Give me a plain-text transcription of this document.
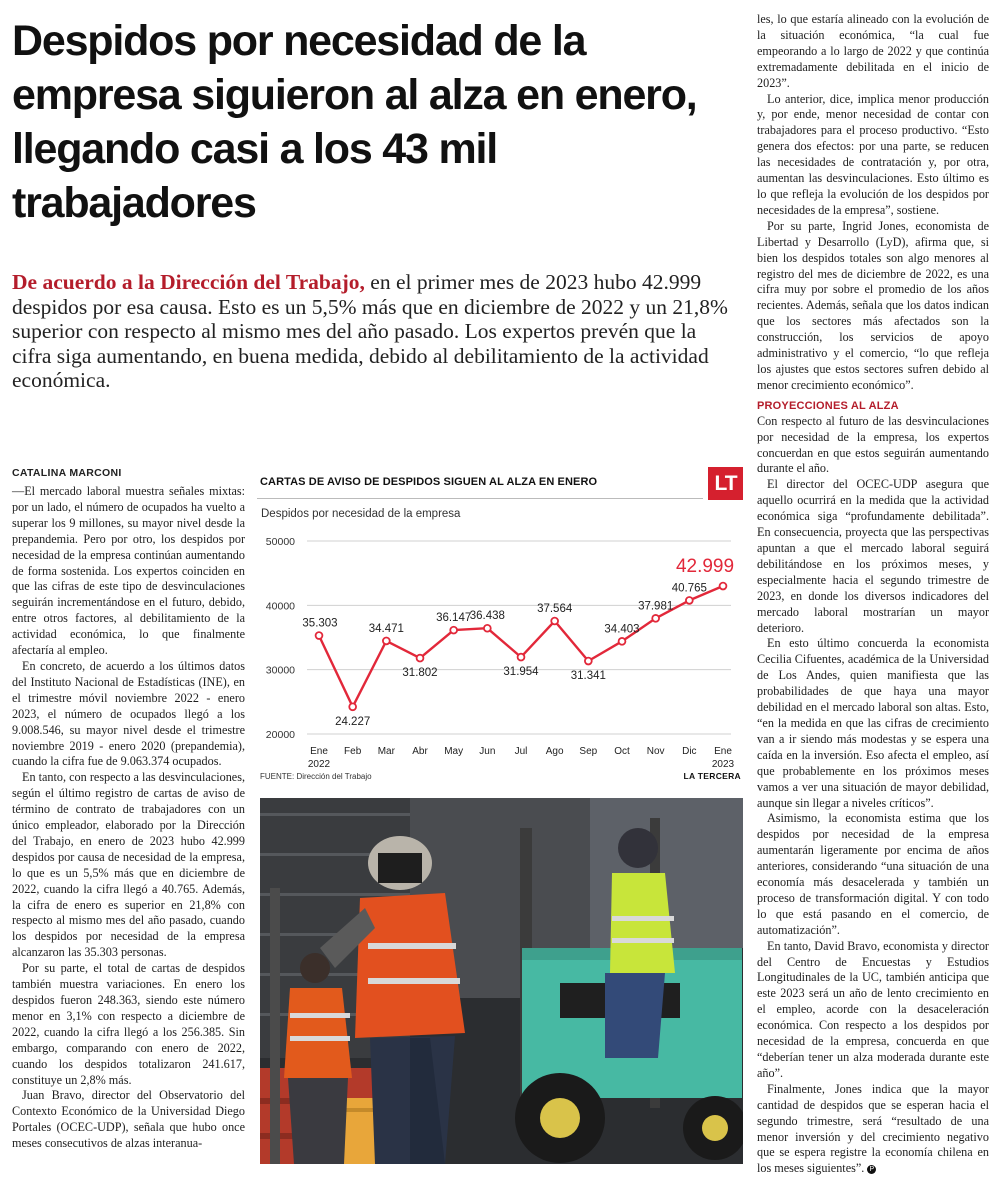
Despidos por necesidad de la empresa siguieron al alza en enero, llegando casi a los 43 mil trabajadores

De acuerdo a la Dirección del Trabajo, en el primer mes de 2023 hubo 42.999 despidos por esa causa. Esto es un 5,5% más que en diciembre de 2022 y un 21,8% superior con respecto al mismo mes del año pasado. Los expertos prevén que la cifra siga aumentando, en buena medida, debido al debilitamiento de la actividad económica.

CATALINA MARCONI

—El mercado laboral muestra señales mixtas: por un lado, el número de ocupados ha vuelto a superar los 9 millones, su mayor nivel desde la prepandemia. Pero por otro, los despidos por necesidad de la empresa continúan aumentando de forma sostenida. Los expertos coinciden en que las cifras de este tipo de desvinculaciones seguirán incrementándose en el futuro, debido, entre otros factores, al debilitamiento de la actividad económica, lo que finalmente afectaría al empleo.

En concreto, de acuerdo a los últimos datos del Instituto Nacional de Estadísticas (INE), en el trimestre móvil noviembre 2022 - enero 2023, el número de ocupados llegó a los 9.008.546, su mayor nivel desde el trimestre noviembre 2019 - enero 2020 (prepandemia), cuando la cifra fue de 9.063.374 ocupados.

En tanto, con respecto a las desvinculaciones, según el último registro de cartas de aviso de término de contrato de trabajadores con un único empleador, elaborado por la Dirección del Trabajo, en enero de 2023 hubo 42.999 despidos por causa de necesidad de la empresa, lo que es un 5,5% más que en diciembre de 2022, cuando la cifra llegó a 40.765. Además, la cifra de enero es superior en 21,8% con respecto al mismo mes del año pasado, cuando los despidos por necesidad de la empresa alcanzaron las 35.303 personas.

Por su parte, el total de cartas de despidos también muestra variaciones. En enero los despidos fueron 248.363, siendo este número menor en 3,1% con respecto a diciembre de 2022, cuando la cifra llegó a los 256.385. Sin embargo, comparando con enero de 2022, cuando los despidos totalizaron 241.617, constituye un 2,8% más.

Juan Bravo, director del Observatorio del Contexto Económico de la Universidad Diego Portales (OCEC-UDP), señala que hubo once meses consecutivos de alzas interanua-

CARTAS DE AVISO DE DESPIDOS SIGUEN AL ALZA EN ENERO	LT
Despidos por necesidad de la empresa
20000
30000
40000
50000
35.303
24.227
34.471
31.802
36.147
36.438
31.954
37.564
31.341
34.403
37.981
40.765
42.999
Ene
2022
Feb Mar Abr May Jun Jul Ago Sep Oct Nov Dic Ene
2023
FUENTE: Dirección del Trabajo	LA TERCERA

les, lo que estaría alineado con la evolución de la situación económica, “la cual fue empeorando a lo largo de 2022 y que continúa extremadamente debilitada en el inicio de 2023”.

Lo anterior, dice, implica menor producción y, por ende, menor necesidad de contar con trabajadores para el proceso productivo. “Esto genera dos efectos: por una parte, se reducen las necesidades de contratación y, por otra, aumentan las desvinculaciones. Esto último es lo que refleja la evolución de los despidos por necesidades de la empresa”, sostiene.

Por su parte, Ingrid Jones, economista de Libertad y Desarrollo (LyD), afirma que, si bien los despidos totales son algo menores al registro del mes de diciembre de 2022, es una cifra muy por sobre el promedio de los años recientes. Además, señala que los datos indican que los sectores más afectados son la construcción, los servicios de apoyo administrativo y el comercio, “lo que refleja los ajustes que estos sectores sufren debido al menor crecimiento económico”.

PROYECCIONES AL ALZA

Con respecto al futuro de las desvinculaciones por necesidad de la empresa, los expertos concuerdan en que estos seguirán aumentando durante el año.

El director del OCEC-UDP asegura que aquello ocurrirá en la medida que la actividad económica siga “profundamente debilitada”. En consecuencia, proyecta que las perspectivas apuntan a que el mercado laboral seguirá debilitándose en los próximos meses, y especialmente hacia el segundo trimestre de 2023, en donde los diversos indicadores del mercado laboral mostrarían un mayor deterioro.

En esto último concuerda la economista Cecilia Cifuentes, académica de la Universidad de Los Andes, quien manifiesta que las probabilidades de que haya una mayor debilidad en el mercado laboral son altas. Esto, “en la medida en que las cifras de crecimiento van a ir siendo más modestas y se espera una caída en la inversión. Eso afecta el empleo, así que probablemente en los próximos meses vamos a ver una situación de mayor debilidad, aunque sin llegar a niveles críticos”.

Asimismo, la economista estima que los despidos por necesidad de la empresa aumentarán ligeramente por encima de años anteriores, considerando “una situación de una economía más desacelerada y también un proceso de transformación digital. Y con todo lo que está pasando en el comercio, de automatización”.

En tanto, David Bravo, economista y director del Centro de Encuestas y Estudios Longitudinales de la UC, también anticipa que este 2023 será un año de lento crecimiento en el empleo, acorde con la desaceleración económica. Con respecto a los despidos por necesidad de la empresa, concuerda en que “deberían tener un alza moderada durante este año”.

Finalmente, Jones indica que la mayor cantidad de despidos que se esperan hacia el segundo trimestre, será “resultado de una menor inversión y del crecimiento negativo que se espera registre la economía chilena en los meses siguientes”. P
